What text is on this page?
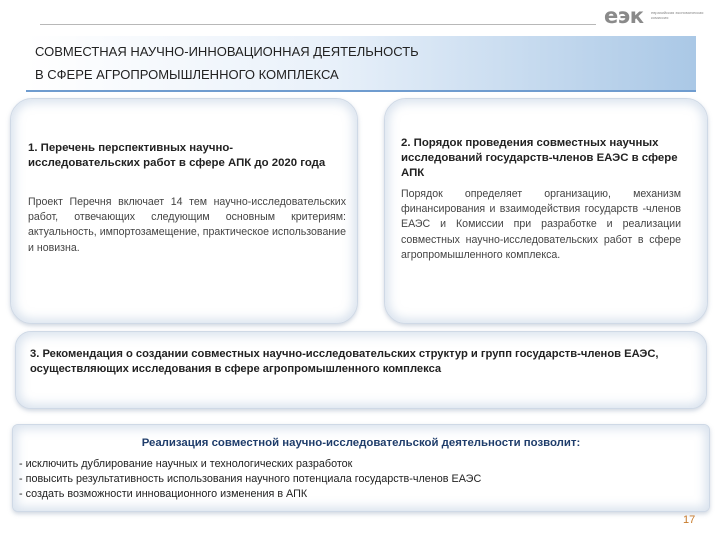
еэк евразийская экономическая комиссия
СОВМЕСТНАЯ НАУЧНО-ИННОВАЦИОННАЯ ДЕЯТЕЛЬНОСТЬ
В СФЕРЕ АГРОПРОМЫШЛЕННОГО КОМПЛЕКСА
1. Перечень перспективных научно-исследовательских работ в сфере АПК до 2020 года
Проект Перечня включает 14 тем научно-исследовательских работ, отвечающих следующим основным критериям: актуальность, импортозамещение, практическое использование и новизна.
2. Порядок проведения совместных научных исследований государств-членов ЕАЭС в сфере АПК
Порядок определяет организацию, механизм финансирования и взаимодействия государств -членов ЕАЭС и Комиссии при разработке и реализации совместных научно-исследовательских работ в сфере агропромышленного комплекса.
3. Рекомендация о создании совместных научно-исследовательских структур и групп государств-членов ЕАЭС, осуществляющих исследования в сфере агропромышленного комплекса
Реализация совместной научно-исследовательской деятельности позволит:
- исключить дублирование научных и технологических разработок
- повысить результативность использования научного потенциала государств-членов ЕАЭС
- создать возможности инновационного изменения в АПК
17
